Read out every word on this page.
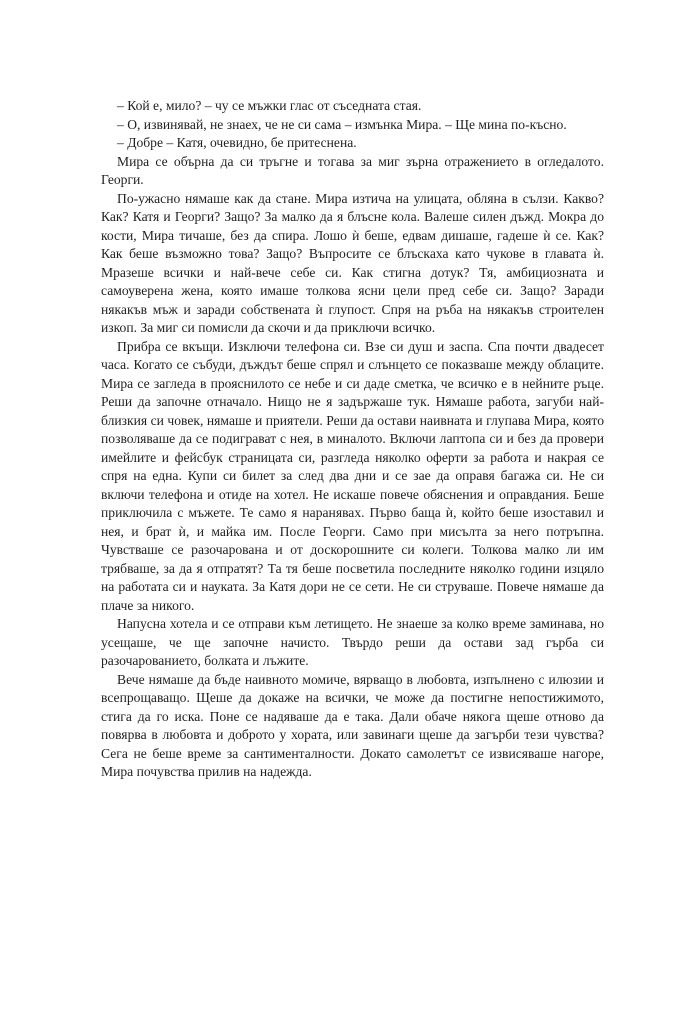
– Кой е, мило? – чу се мъжки глас от съседната стая.

– О, извинявай, не знаех, че не си сама – измънка Мира. – Ще мина по-късно.

– Добре – Катя, очевидно, бе притеснена.

Мира се обърна да си тръгне и тогава за миг зърна отражението в огледалото. Георги.

По-ужасно нямаше как да стане. Мира изтича на улицата, обляна в сълзи. Какво? Как? Катя и Георги? Защо? За малко да я блъсне кола. Валеше силен дъжд. Мокра до кости, Мира тичаше, без да спира. Лошо ѝ беше, едвам дишаше, гадеше ѝ се. Как? Как беше възможно това? Защо? Въпросите се блъскаха като чукове в главата ѝ. Мразеше всички и най-вече себе си. Как стигна дотук? Тя, амбициозната и самоуверена жена, която имаше толкова ясни цели пред себе си. Защо? Заради някакъв мъж и заради собствената ѝ глупост. Спря на ръба на някакъв строителен изкоп. За миг си помисли да скочи и да приключи всичко.

Прибра се вкъщи. Изключи телефона си. Взе си душ и заспа. Спа почти двадесет часа. Когато се събуди, дъждът беше спрял и слънцето се показваше между облаците. Мира се загледа в прояснилото се небе и си даде сметка, че всичко е в нейните ръце. Реши да започне отначало. Нищо не я задържаше тук. Нямаше работа, загуби най-близкия си човек, нямаше и приятели. Реши да остави наивната и глупава Мира, която позволяваше да се подиграват с нея, в миналото. Включи лаптопа си и без да провери имейлите и фейсбук страницата си, разгледа няколко оферти за работа и накрая се спря на една. Купи си билет за след два дни и се зае да оправя багажа си. Не си включи телефона и отиде на хотел. Не искаше повече обяснения и оправдания. Беше приключила с мъжете. Те само я наранявах. Първо баща ѝ, който беше изоставил и нея, и брат ѝ, и майка им. После Георги. Само при мисълта за него потръпна. Чувстваше се разочарована и от доскорошните си колеги. Толкова малко ли им трябваше, за да я отпратят? Та тя беше посветила последните няколко години изцяло на работата си и науката. За Катя дори не се сети. Не си струваше. Повече нямаше да плаче за никого.

Напусна хотела и се отправи към летището. Не знаеше за колко време заминава, но усещаше, че ще започне начисто. Твърдо реши да остави зад гърба си разочарованието, болката и лъжите.

Вече нямаше да бъде наивното момиче, вярващо в любовта, изпълнено с илюзии и всепрощаващо. Щеше да докаже на всички, че може да постигне непостижимото, стига да го иска. Поне се надяваше да е така. Дали обаче някога щеше отново да повярва в любовта и доброто у хората, или завинаги щеше да загърби тези чувства? Сега не беше време за сантименталности. Докато самолетът се извисяваше нагоре, Мира почувства прилив на надежда.
